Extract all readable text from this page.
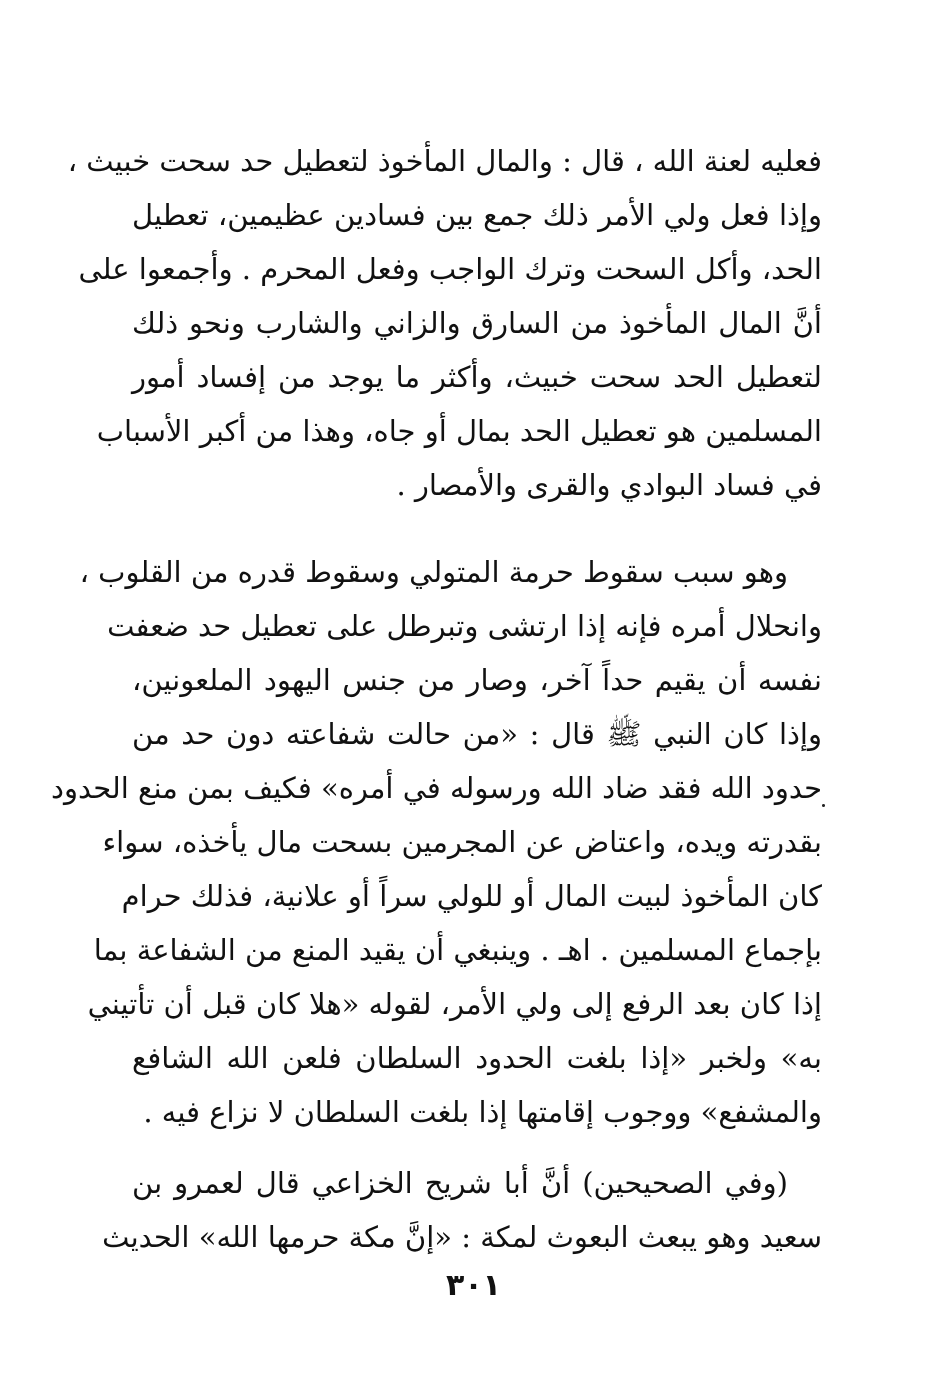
فعليه لعنة الله ، قال : والمال المأخوذ لتعطيل حد سحت خبيث ،
وإذا فعل ولي الأمر ذلك جمع بين فسادين عظيمين، تعطيل
الحد، وأكل السحت وترك الواجب وفعل المحرم . وأجمعوا على
أنَّ المال المأخوذ من السارق والزاني والشارب ونحو ذلك
لتعطيل الحد سحت خبيث، وأكثر ما يوجد من إفساد أمور
المسلمين هو تعطيل الحد بمال أو جاه، وهذا من أكبر الأسباب
في فساد البوادي والقرى والأمصار .
وهو سبب سقوط حرمة المتولي وسقوط قدره من القلوب ،
وانحلال أمره فإنه إذا ارتشى وتبرطل على تعطيل حد ضعفت
نفسه أن يقيم حداً آخر، وصار من جنس اليهود الملعونين،
وإذا كان النبي ﷺ قال : «من حالت شفاعته دون حد من
حدود الله فقد ضاد الله ورسوله في أمره» فكيف بمن منع الحدود
بقدرته ويده، واعتاض عن المجرمين بسحت مال يأخذه، سواء
كان المأخوذ لبيت المال أو للولي سراً أو علانية، فذلك حرام
بإجماع المسلمين . اهـ . وينبغي أن يقيد المنع من الشفاعة بما
إذا كان بعد الرفع إلى ولي الأمر، لقوله «هلا كان قبل أن تأتيني
به» ولخبر «إذا بلغت الحدود السلطان فلعن الله الشافع
والمشفع» ووجوب إقامتها إذا بلغت السلطان لا نزاع فيه .
(وفي الصحيحين) أنَّ أبا شريح الخزاعي قال لعمرو بن
سعيد وهو يبعث البعوث لمكة : «إنَّ مكة حرمها الله» الحديث
٣٠١
